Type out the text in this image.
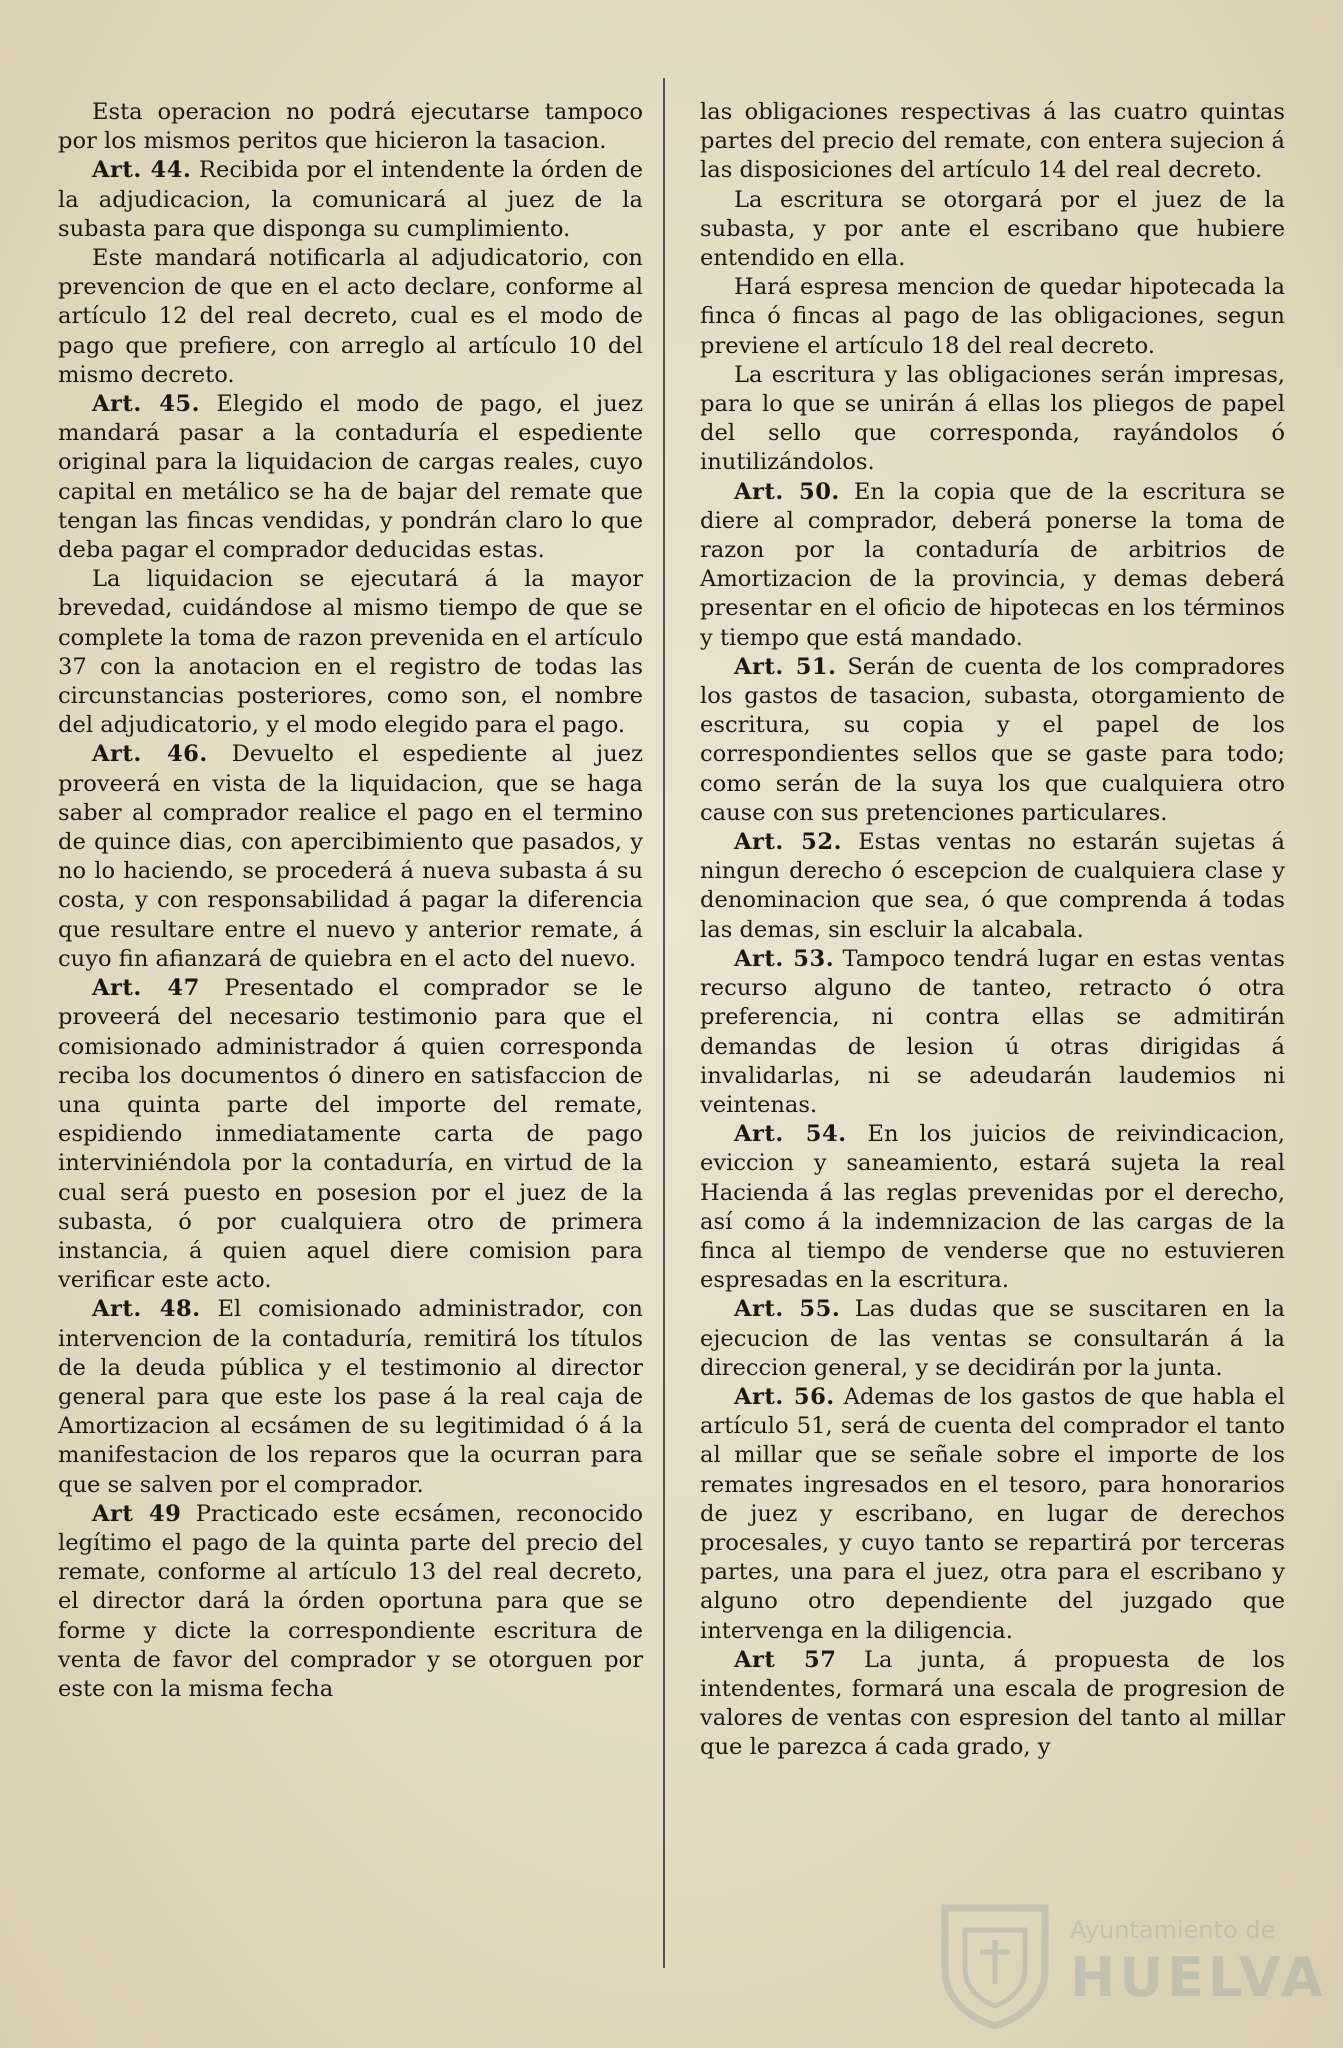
Esta operacion no podrá ejecutarse tampoco por los mismos peritos que hicieron la tasacion.

Art. 44. Recibida por el intendente la órden de la adjudicacion, la comunicará al juez de la subasta para que disponga su cumplimiento.

Este mandará notificarla al adjudicatorio, con prevencion de que en el acto declare, conforme al artículo 12 del real decreto, cual es el modo de pago que prefiere, con arreglo al artículo 10 del mismo decreto.

Art. 45. Elegido el modo de pago, el juez mandará pasar a la contaduría el espediente original para la liquidacion de cargas reales, cuyo capital en metálico se ha de bajar del remate que tengan las fincas vendidas, y pondrán claro lo que deba pagar el comprador deducidas estas.

La liquidacion se ejecutará á la mayor brevedad, cuidándose al mismo tiempo de que se complete la toma de razon prevenida en el artículo 37 con la anotacion en el registro de todas las circunstancias posteriores, como son, el nombre del adjudicatorio, y el modo elegido para el pago.

Art. 46. Devuelto el espediente al juez proveerá en vista de la liquidacion, que se haga saber al comprador realice el pago en el termino de quince dias, con apercibimiento que pasados, y no lo haciendo, se procederá á nueva subasta á su costa, y con responsabilidad á pagar la diferencia que resultare entre el nuevo y anterior remate, á cuyo fin afianzará de quiebra en el acto del nuevo.

Art. 47 Presentado el comprador se le proveerá del necesario testimonio para que el comisionado administrador á quien corresponda reciba los documentos ó dinero en satisfaccion de una quinta parte del importe del remate, espidiendo inmediatamente carta de pago interviniéndola por la contaduría, en virtud de la cual será puesto en posesion por el juez de la subasta, ó por cualquiera otro de primera instancia, á quien aquel diere comision para verificar este acto.

Art. 48. El comisionado administrador, con intervencion de la contaduría, remitirá los títulos de la deuda pública y el testimonio al director general para que este los pase á la real caja de Amortizacion al ecsámen de su legitimidad ó á la manifestacion de los reparos que la ocurran para que se salven por el comprador.

Art 49 Practicado este ecsámen, reconocido legítimo el pago de la quinta parte del precio del remate, conforme al artículo 13 del real decreto, el director dará la órden oportuna para que se forme y dicte la correspondiente escritura de venta de favor del comprador y se otorguen por este con la misma fecha

las obligaciones respectivas á las cuatro quintas partes del precio del remate, con entera sujecion á las disposiciones del artículo 14 del real decreto.

La escritura se otorgará por el juez de la subasta, y por ante el escribano que hubiere entendido en ella.

Hará espresa mencion de quedar hipotecada la finca ó fincas al pago de las obligaciones, segun previene el artículo 18 del real decreto.

La escritura y las obligaciones serán impresas, para lo que se unirán á ellas los pliegos de papel del sello que corresponda, rayándolos ó inutilizándolos.

Art. 50. En la copia que de la escritura se diere al comprador, deberá ponerse la toma de razon por la contaduría de arbitrios de Amortizacion de la provincia, y demas deberá presentar en el oficio de hipotecas en los términos y tiempo que está mandado.

Art. 51. Serán de cuenta de los compradores los gastos de tasacion, subasta, otorgamiento de escritura, su copia y el papel de los correspondientes sellos que se gaste para todo; como serán de la suya los que cualquiera otro cause con sus pretenciones particulares.

Art. 52. Estas ventas no estarán sujetas á ningun derecho ó escepcion de cualquiera clase y denominacion que sea, ó que comprenda á todas las demas, sin escluir la alcabala.

Art. 53. Tampoco tendrá lugar en estas ventas recurso alguno de tanteo, retracto ó otra preferencia, ni contra ellas se admitirán demandas de lesion ú otras dirigidas á invalidarlas, ni se adeudarán laudemios ni veintenas.

Art. 54. En los juicios de reivindicacion, eviccion y saneamiento, estará sujeta la real Hacienda á las reglas prevenidas por el derecho, así como á la indemnizacion de las cargas de la finca al tiempo de venderse que no estuvieren espresadas en la escritura.

Art. 55. Las dudas que se suscitaren en la ejecucion de las ventas se consultarán á la direccion general, y se decidirán por la junta.

Art. 56. Ademas de los gastos de que habla el artículo 51, será de cuenta del comprador el tanto al millar que se señale sobre el importe de los remates ingresados en el tesoro, para honorarios de juez y escribano, en lugar de derechos procesales, y cuyo tanto se repartirá por terceras partes, una para el juez, otra para el escribano y alguno otro dependiente del juzgado que intervenga en la diligencia.

Art 57 La junta, á propuesta de los intendentes, formará una escala de progresion de valores de ventas con espresion del tanto al millar que le parezca á cada grado, y

Ayuntamiento de
HUELVA
